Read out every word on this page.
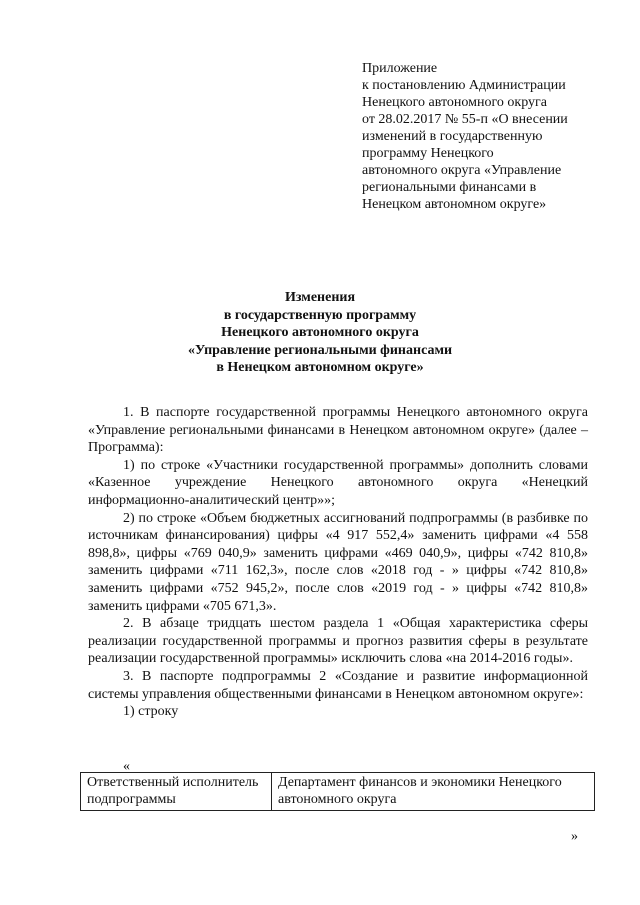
Приложение
к постановлению Администрации
Ненецкого автономного округа
от 28.02.2017 № 55-п «О внесении
изменений в государственную
программу Ненецкого
автономного округа «Управление
региональными финансами в
Ненецком автономном округе»
Изменения
в государственную программу
Ненецкого автономного округа
«Управление региональными финансами
в Ненецком автономном округе»

1. В паспорте государственной программы Ненецкого автономного округа «Управление региональными финансами в Ненецком автономном округе» (далее – Программа):

1) по строке «Участники государственной программы» дополнить словами «Казенное учреждение Ненецкого автономного округа «Ненецкий информационно-аналитический центр»»;

2) по строке «Объем бюджетных ассигнований подпрограммы (в разбивке по источникам финансирования) цифры «4 917 552,4» заменить цифрами «4 558 898,8», цифры «769 040,9» заменить цифрами «469 040,9», цифры «742 810,8» заменить цифрами «711 162,3», после слов «2018 год - » цифры «742 810,8» заменить цифрами «752 945,2», после слов «2019 год - » цифры «742 810,8» заменить цифрами «705 671,3».

2. В абзаце тридцать шестом раздела 1 «Общая характеристика сферы реализации государственной программы и прогноз развития сферы в результате реализации государственной программы» исключить слова «на 2014-2016 годы».

3. В паспорте подпрограммы 2 «Создание и развитие информационной системы управления общественными финансами в Ненецком автономном округе»:

1) строку

«
Ответственный исполнитель подпрограммы	Департамент финансов и экономики Ненецкого автономного округа
»
